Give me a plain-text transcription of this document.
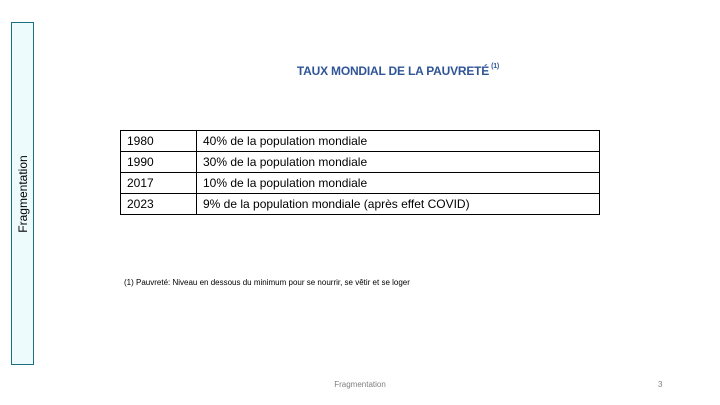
Fragmentation
TAUX MONDIAL DE LA PAUVRETÉ $^{(1)}$
1980	40% de la population mondiale
1990	30% de la population mondiale
2017	10% de la population mondiale
2023	9% de la population mondiale (après effet COVID)
(1) Pauvreté: Niveau en dessous du minimum pour se nourrir, se vêtir et se loger
Fragmentation	3
